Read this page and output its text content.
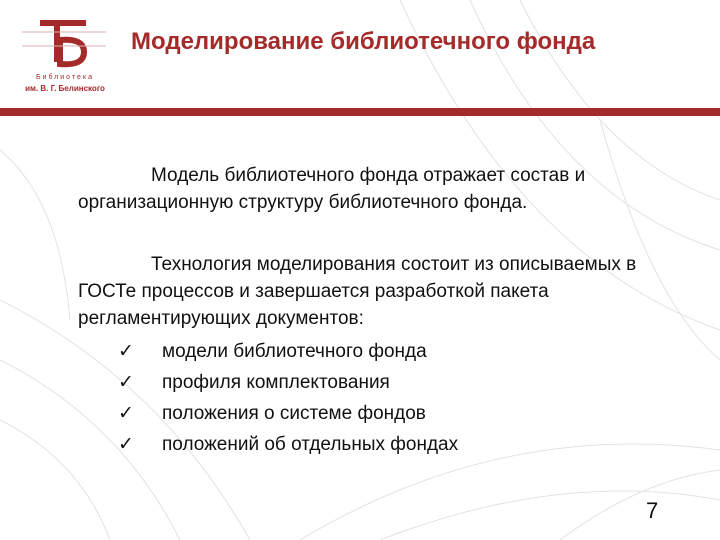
Библиотека
им. В. Г. Белинского
Моделирование библиотечного фонда
Модель библиотечного фонда отражает состав и организационную структуру библиотечного фонда.
Технология моделирования состоит из описываемых в ГОСТе процессов и завершается разработкой пакета регламентирующих документов:
✓	модели библиотечного фонда
✓	профиля комплектования
✓	положения о системе фондов
✓	положений об отдельных фондах
7
